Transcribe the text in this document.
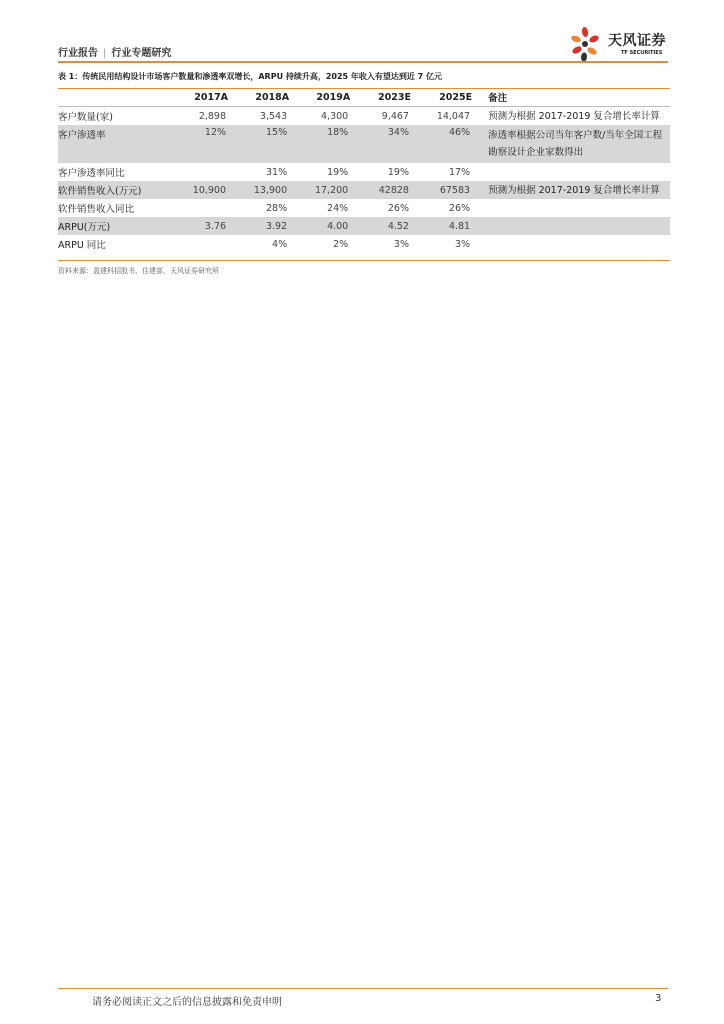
行业报告 | 行业专题研究
天风证券
TF SECURITIES
表 1：传统民用结构设计市场客户数量和渗透率双增长，ARPU 持续升高，2025 年收入有望达到近 7 亿元
	2017A	2018A	2019A	2023E	2025E	备注
客户数量(家)	2,898	3,543	4,300	9,467	14,047	预测为根据 2017-2019 复合增长率计算
客户渗透率	12%	15%	18%	34%	46%	渗透率根据公司当年客户数/当年全国工程勘察设计企业家数得出
客户渗透率同比		31%	19%	19%	17%	
软件销售收入(万元)	10,900	13,900	17,200	42828	67583	预测为根据 2017-2019 复合增长率计算
软件销售收入同比		28%	24%	26%	26%	
ARPU(万元)	3.76	3.92	4.00	4.52	4.81	
ARPU 同比		4%	2%	3%	3%	
资料来源：盈建科招股书，住建部，天风证券研究所
请务必阅读正文之后的信息披露和免责申明	3
